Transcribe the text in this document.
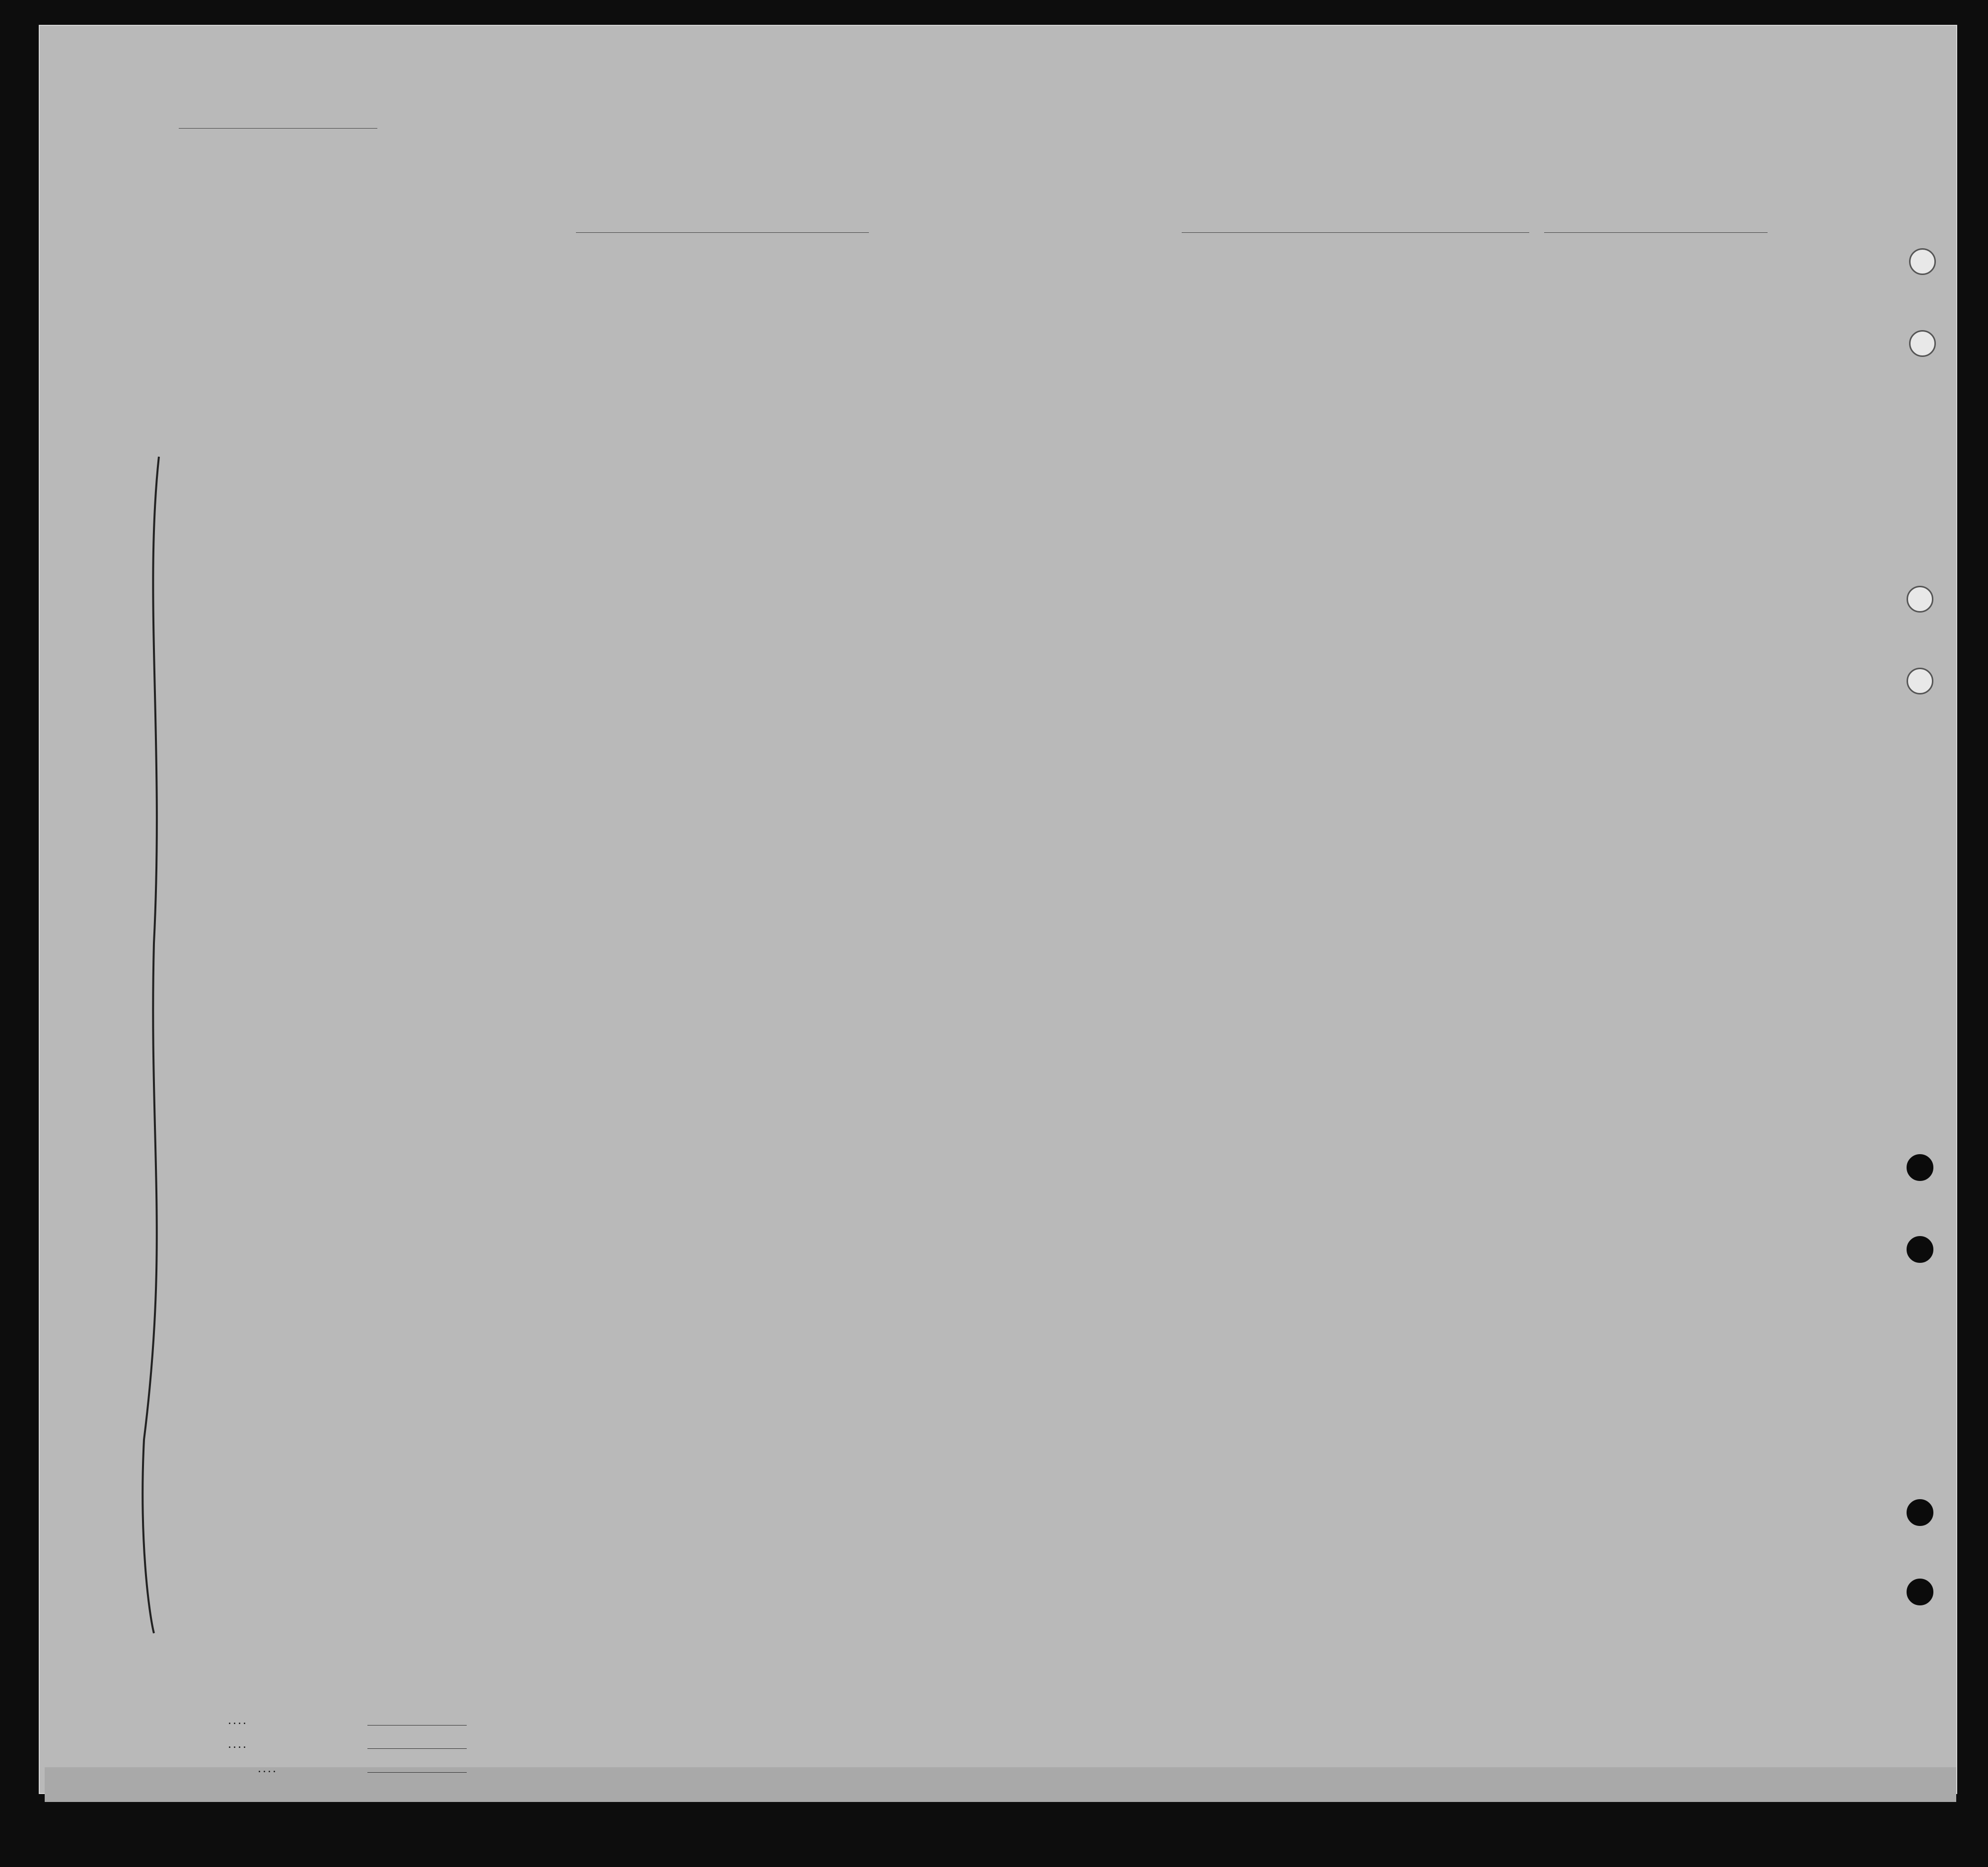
. . . .
. . . .
. . . .
